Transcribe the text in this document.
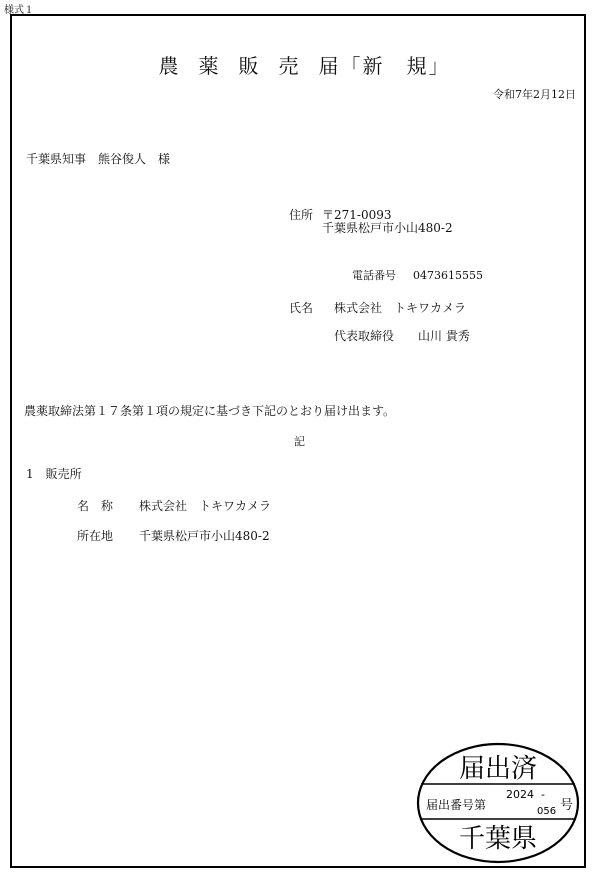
様式１
農 薬 販 売 届「新　規」
令和7年2月12日
千葉県知事　熊谷俊人　様
住所 〒271-0093
千葉県松戸市小山480-2
電話番号 0473615555
氏名 株式会社　トキワカメラ
代表取締役 山川 貴秀
農薬取締法第１７条第１項の規定に基づき下記のとおり届け出ます。
記
1　販売所
名　称 株式会社　トキワカメラ
所在地 千葉県松戸市小山480-2
届出済
届出番号第
2024 -
056 号
千葉県
